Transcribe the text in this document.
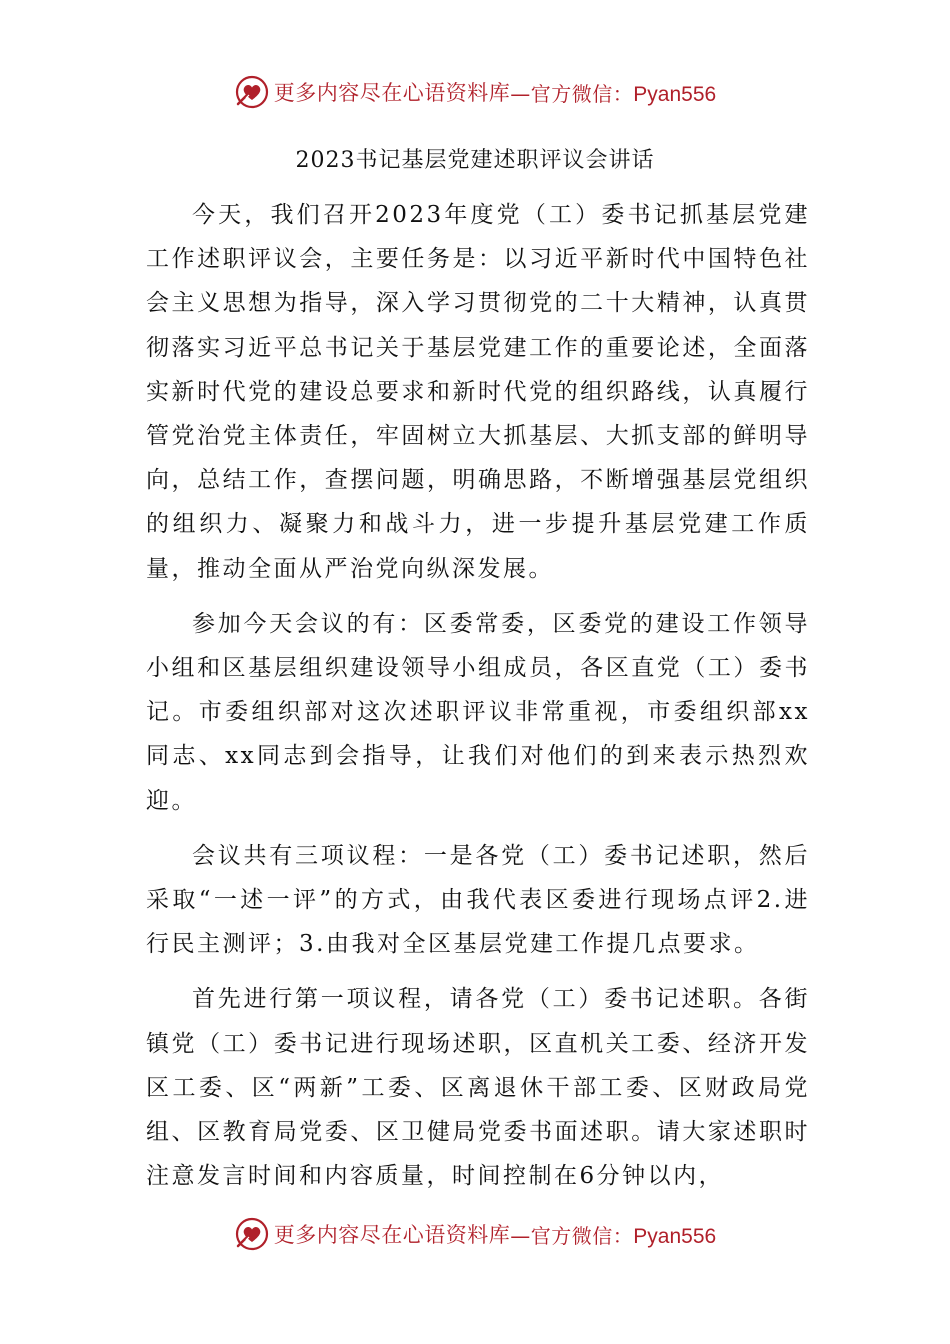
更多内容尽在心语资料库 —官方微信：Pyan556
2023书记基层党建述职评议会讲话

今天，我们召开2023年度党（工）委书记抓基层党建工作述职评议会，主要任务是：以习近平新时代中国特色社会主义思想为指导，深入学习贯彻党的二十大精神，认真贯彻落实习近平总书记关于基层党建工作的重要论述，全面落实新时代党的建设总要求和新时代党的组织路线，认真履行管党治党主体责任，牢固树立大抓基层、大抓支部的鲜明导向，总结工作，查摆问题，明确思路，不断增强基层党组织的组织力、凝聚力和战斗力，进一步提升基层党建工作质量，推动全面从严治党向纵深发展。

参加今天会议的有：区委常委，区委党的建设工作领导小组和区基层组织建设领导小组成员，各区直党（工）委书记。市委组织部对这次述职评议非常重视，市委组织部xx同志、xx同志到会指导，让我们对他们的到来表示热烈欢迎。

会议共有三项议程：一是各党（工）委书记述职，然后采取“一述一评”的方式，由我代表区委进行现场点评2.进行民主测评；3.由我对全区基层党建工作提几点要求。

首先进行第一项议程，请各党（工）委书记述职。各街镇党（工）委书记进行现场述职，区直机关工委、经济开发区工委、区“两新”工委、区离退休干部工委、区财政局党组、区教育局党委、区卫健局党委书面述职。请大家述职时注意发言时间和内容质量，时间控制在6分钟以内，

更多内容尽在心语资料库 —官方微信：Pyan556
